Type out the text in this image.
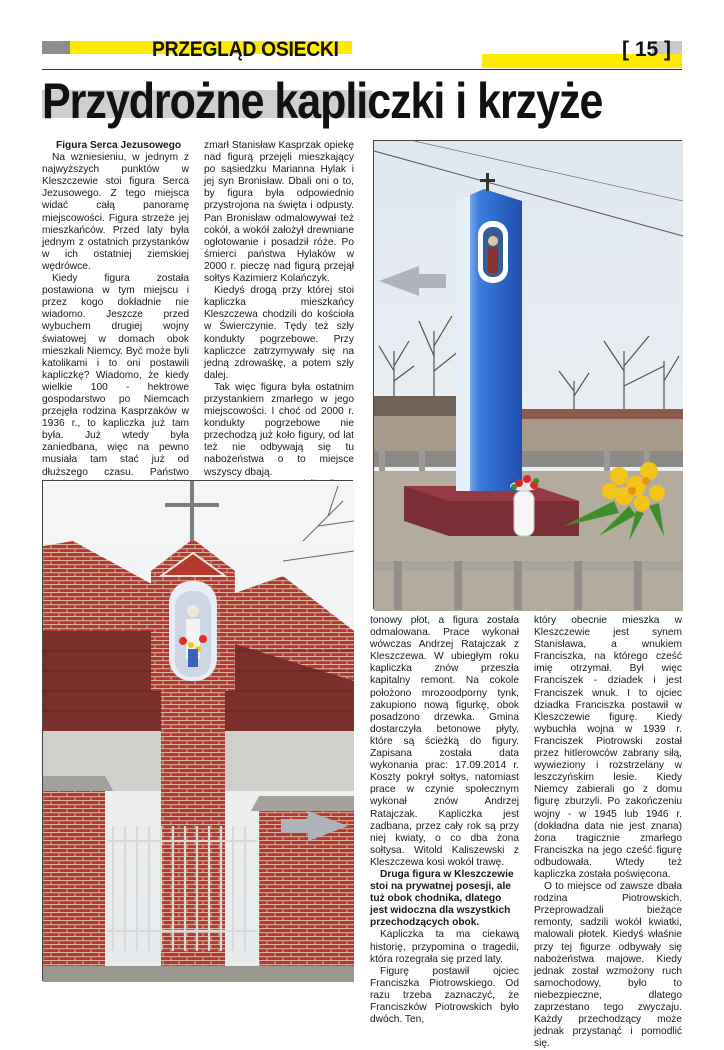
PRZEGLĄD OSIECKI	[ 15 ]
Przydrożne kapliczki i krzyże

Figura Serca Jezusowego

Na wzniesieniu, w jednym z najwyższych punktów w Kleszczewie stoi figura Serca Jezusowego. Z tego miejsca widać całą panoramę miejscowości. Figura strzeże jej mieszkańców. Przed laty była jednym z ostatnich przystanków w ich ostatniej ziemskiej wędrówce.

Kiedy figura została postawiona w tym miejscu i przez kogo dokładnie nie wiadomo. Jeszcze przed wybuchem drugiej wojny światowej w domach obok mieszkali Niemcy. Być może byli katolikami i to oni postawili kapliczkę? Wiadomo, że kiedy wielkie 100 - hektrowe gospodarstwo po Niemcach przejęła rodzina Kasprzaków w 1936 r., to kapliczka już tam była. Już wtedy była zaniedbana, więc na pewno musiała tam stać już od dłuższego czasu. Państwo

zmarł Stanisław Kasprzak opiekę nad figurą przejęli mieszkający po sąsiedzku Marianna Hylak i jej syn Bronisław. Dbali oni o to, by figura była odpowiednio przystrojona na święta i odpusty. Pan Bronisław odmalowywał też cokół, a wokół założył drewniane ogłotowanie i posadził róże. Po śmierci państwa Hylaków w 2000 r. pieczę nad figurą przejął sołtys Kazimierz Kolańczyk.

Kiedyś drogą przy której stoi kapliczka mieszkańcy Kleszczewa chodzili do kościoła w Świerczynie. Tędy też szły kondukty pogrzebowe. Przy kapliczce zatrzymywały się na jedną zdrowaśkę, a potem szły dalej.

Tak więc figura była ostatnim przystankiem zmarłego w jego miejscowości. I choć od 2000 r. kondukty pogrzebowe nie przechodzą już koło figury, od lat też nie odbywają się tu nabożeństwa o to miejsce wszyscy dbają.

tonowy płot, a figura została odmalowana. Prace wykonał wówczas Andrzej Ratajczak z Kleszczewa. W ubiegłym roku kapliczka znów przeszła kapitalny remont. Na cokole położono mrozoodporny tynk, zakupiono nową figurkę, obok posadzono drzewka. Gmina dostarczyła betonowe płyty, które są ścieżką do figury. Zapisana została data wykonania prac: 17.09.2014 r. Koszty pokrył sołtys, natomiast prace w czynie społecznym wykonał znów Andrzej Ratajczak. Kapliczka jest zadbana, przez cały rok są przy niej kwiaty, o co dba żona sołtysa. Witold Kaliszewski z Kleszczewa kosi wokół trawę.

Druga figura w Kleszczewie stoi na prywatnej posesji, ale tuż obok chodnika, dlatego jest widoczna dla wszystkich przechodzących obok.

Kapliczka ta ma ciekawą historię, przypomina o tragedii, która rozegrała się przed laty.

Figurę postawił ojciec Franciszka Piotrowskiego. Od razu trzeba zaznaczyć, że Franciszków Piotrowskich było dwóch. Ten,

który obecnie mieszka w Kleszczewie jest synem Stanisława, a wnukiem Franciszka, na którego cześć imię otrzymał. Był więc Franciszek - dziadek i jest Franciszek wnuk. I to ojciec dziadka Franciszka postawił w Kleszczewie figurę. Kiedy wybuchła wojna w 1939 r. Franciszek Piotrowski został przez hitlerowców zabrany siłą, wywieziony i rozstrzelany w leszczyńskim lesie. Kiedy Niemcy zabierali go z domu figurę zburzyli. Po zakończeniu wojny - w 1945 lub 1946 r. (dokładna data nie jest znana) żona tragicznie zmarłego Franciszka na jego cześć figurę odbudowała. Wtedy też kapliczka została poświęcona.

O to miejsce od zawsze dbała rodzina Piotrowskich. Przeprowadzali bieżące remonty, sadzili wokół kwiatki, malowali płotek. Kiedyś właśnie przy tej figurze odbywały się nabożeństwa majowe. Kiedy jednak został wzmożony ruch samochodowy, było to niebezpieczne, dlatego zaprzestano tego zwyczaju. Każdy przechodzący może jednak przystanąć i pomodlić się.
